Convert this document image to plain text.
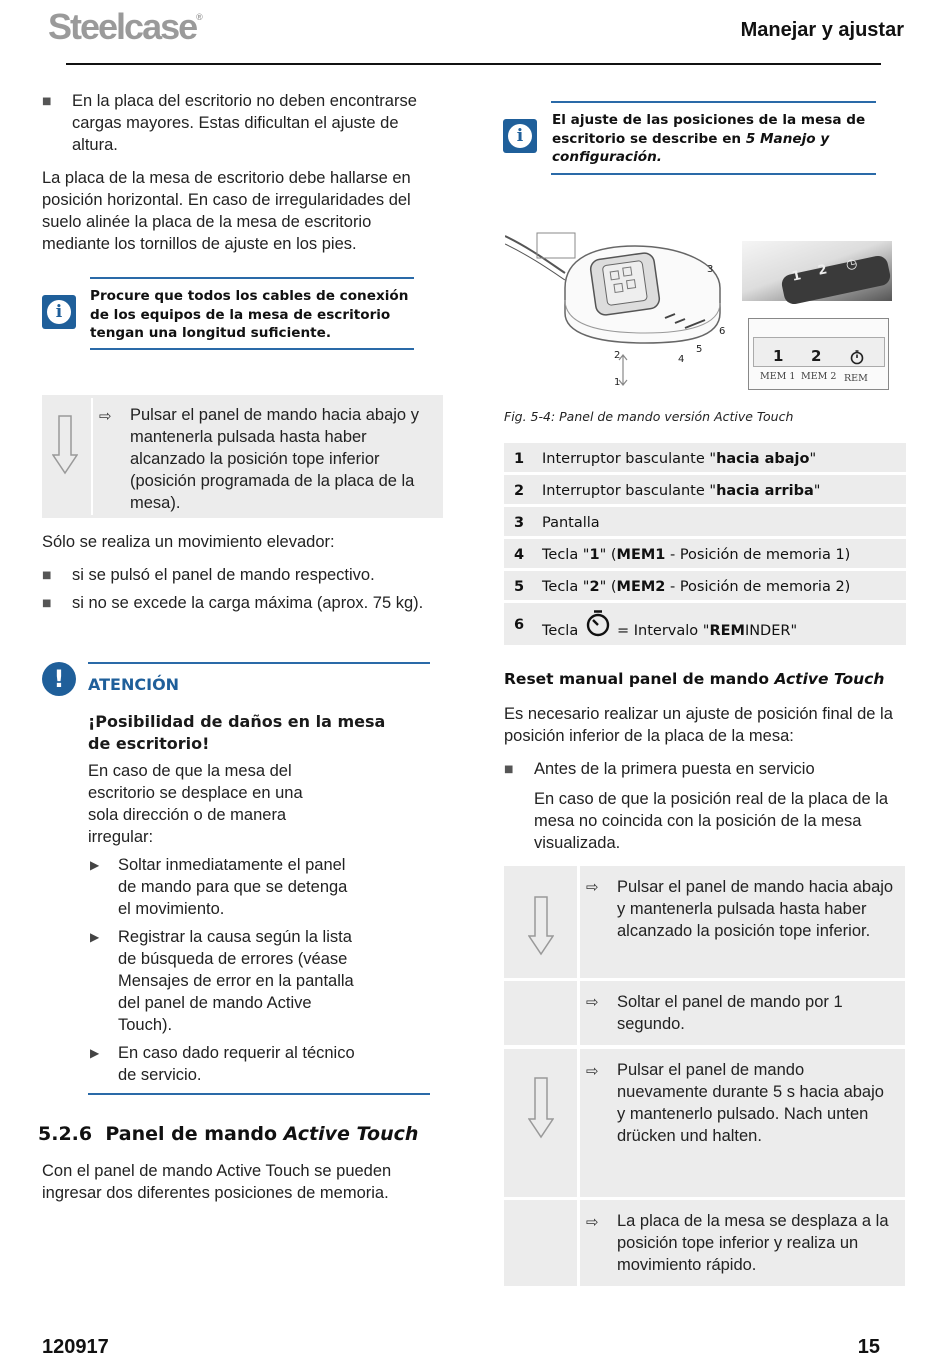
Steelcase®
Manejar y ajustar
■ En la placa del escritorio no deben encontrarse cargas mayores. Estas dificultan el ajuste de altura.
La placa de la mesa de escritorio debe hallarse en posición horizontal. En caso de irregularidades del suelo alinée la placa de la mesa de escritorio mediante los tornillos de ajuste en los pies.
i
Procure que todos los cables de conexión de los equipos de la mesa de escritorio tengan una longitud suficiente.
⇨ Pulsar el panel de mando hacia abajo y mantenerla pulsada hasta haber alcanzado la posición tope inferior (posición programada de la placa de la mesa).
Sólo se realiza un movimiento elevador:
■ si se pulsó el panel de mando respectivo.
■ si no se excede la carga máxima (aprox. 75 kg).
!	ATENCIÓN
¡Posibilidad de daños en la mesa de escritorio!
En caso de que la mesa del escritorio se desplace en una sola dirección o de manera irregular:
▶ Soltar inmediatamente el panel de mando para que se detenga el movimiento.
▶ Registrar la causa según la lista de búsqueda de errores (véase Mensajes de error en la pantalla del panel de mando Active Touch).
▶ En caso dado requerir al técnico de servicio.
5.2.6 Panel de mando Active Touch
Con el panel de mando Active Touch se pueden ingresar dos diferentes posiciones de memoria.
i
El ajuste de las posiciones de la mesa de escritorio se describe en 5 Manejo y configuración.
3
6
5
4
2
1
1 2 ◷
1 2
MEM 1 MEM 2 REM
Fig. 5-4: Panel de mando versión Active Touch
1 Interruptor basculante "hacia abajo"
2 Interruptor basculante "hacia arriba"
3 Pantalla
4 Tecla "1" (MEM1 - Posición de memoria 1)
5 Tecla "2" (MEM2 - Posición de memoria 2)
6 Tecla	= Intervalo "REMINDER"
Reset manual panel de mando Active Touch
Es necesario realizar un ajuste de posición final de la posición inferior de la placa de la mesa:
■ Antes de la primera puesta en servicio
En caso de que la posición real de la placa de la mesa no coincida con la posición de la mesa visualizada.
⇨ Pulsar el panel de mando hacia abajo y mantenerla pulsada hasta haber alcanzado la posición tope inferior.
⇨ Soltar el panel de mando por 1 segundo.
⇨ Pulsar el panel de mando nuevamente durante 5 s hacia abajo y mantenerlo pulsado. Nach unten drücken und halten.
⇨ La placa de la mesa se desplaza a la posición tope inferior y realiza un movimiento rápido.
120917	15
